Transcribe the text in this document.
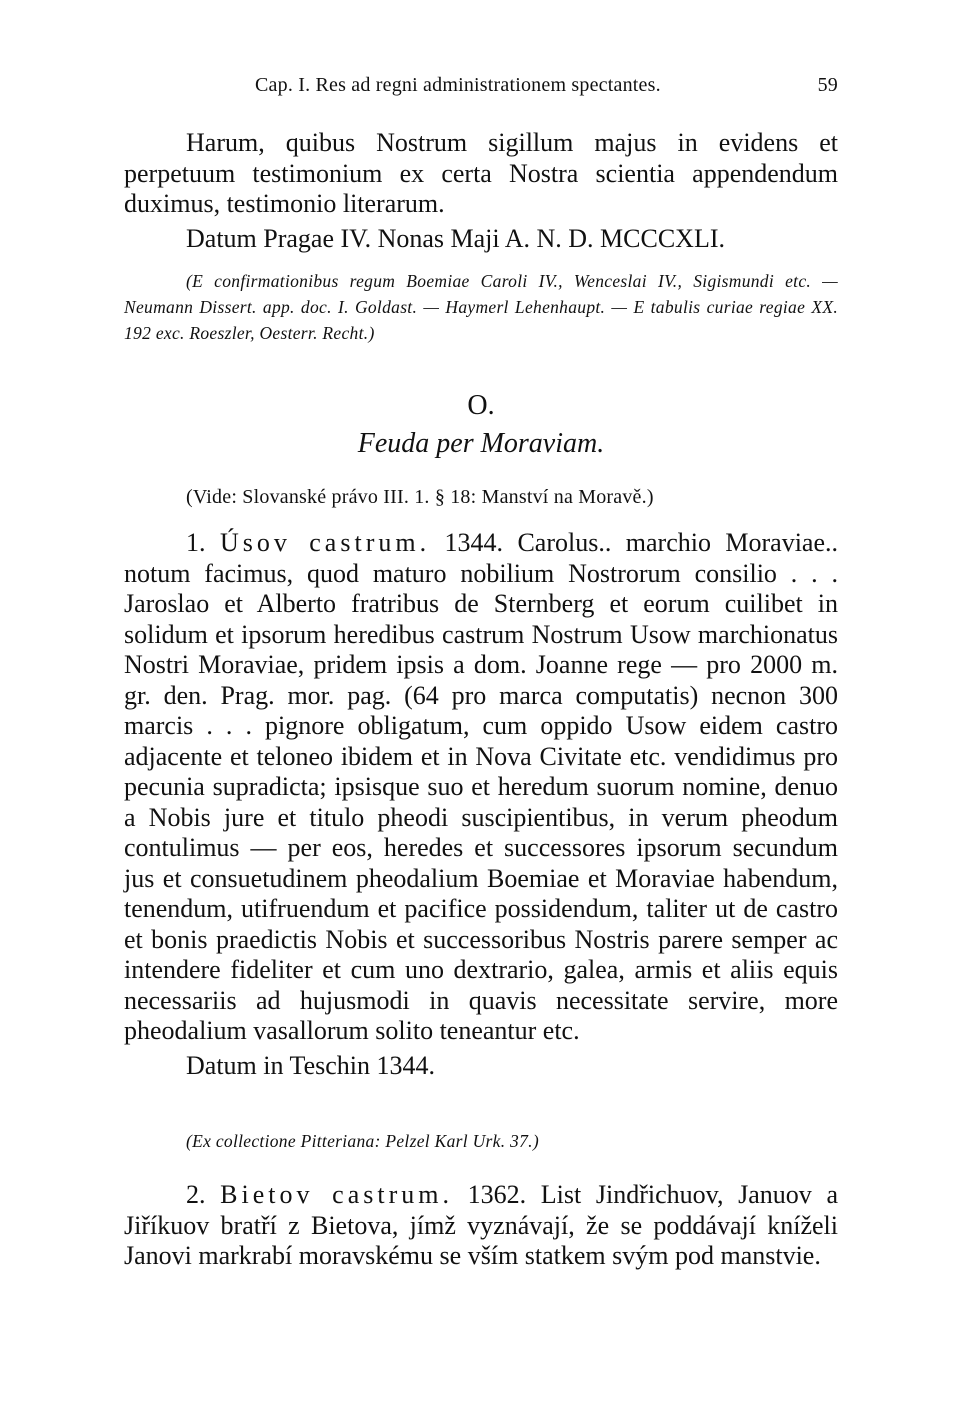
Cap. I. Res ad regni administrationem spectantes.	59

Harum, quibus Nostrum sigillum majus in evidens et perpetuum testimonium ex certa Nostra scientia appendendum duximus, testimonio literarum.

Datum Pragae IV. Nonas Maji A. N. D. MCCCXLI.

(E confirmationibus regum Boemiae Caroli IV., Wenceslai IV., Sigismundi etc. — Neumann Dissert. app. doc. I. Goldast. — Haymerl Lehenhaupt. — E tabulis curiae regiae XX. 192 exc. Roeszler, Oesterr. Recht.)

O.
Feuda per Moraviam.

(Vide: Slovanské právo III. 1. § 18: Manství na Moravě.)

1. Úsov castrum. 1344. Carolus.. marchio Moraviae.. notum facimus, quod maturo nobilium Nostrorum consilio . . . Jaroslao et Alberto fratribus de Sternberg et eorum cuilibet in solidum et ipsorum heredibus castrum Nostrum Usow marchionatus Nostri Moraviae, pridem ipsis a dom. Joanne rege — pro 2000 m. gr. den. Prag. mor. pag. (64 pro marca computatis) necnon 300 marcis . . . pignore obligatum, cum oppido Usow eidem castro adjacente et teloneo ibidem et in Nova Civitate etc. vendidimus pro pecunia supradicta; ipsisque suo et heredum suorum nomine, denuo a Nobis jure et titulo pheodi suscipientibus, in verum pheodum contulimus — per eos, heredes et successores ipsorum secundum jus et consuetudinem pheodalium Boemiae et Moraviae habendum, tenendum, utifruendum et pacifice possidendum, taliter ut de castro et bonis praedictis Nobis et successoribus Nostris parere semper ac intendere fideliter et cum uno dextrario, galea, armis et aliis equis necessariis ad hujusmodi in quavis necessitate servire, more pheodalium vasallorum solito teneantur etc.

Datum in Teschin 1344.

(Ex collectione Pitteriana: Pelzel Karl Urk. 37.)

2. Bietov castrum. 1362. List Jindřichuov, Januov a Jiříkuov bratří z Bietova, jímž vyznávají, že se poddávají kníželi Janovi markrabí moravskému se vším statkem svým pod manstvie.
